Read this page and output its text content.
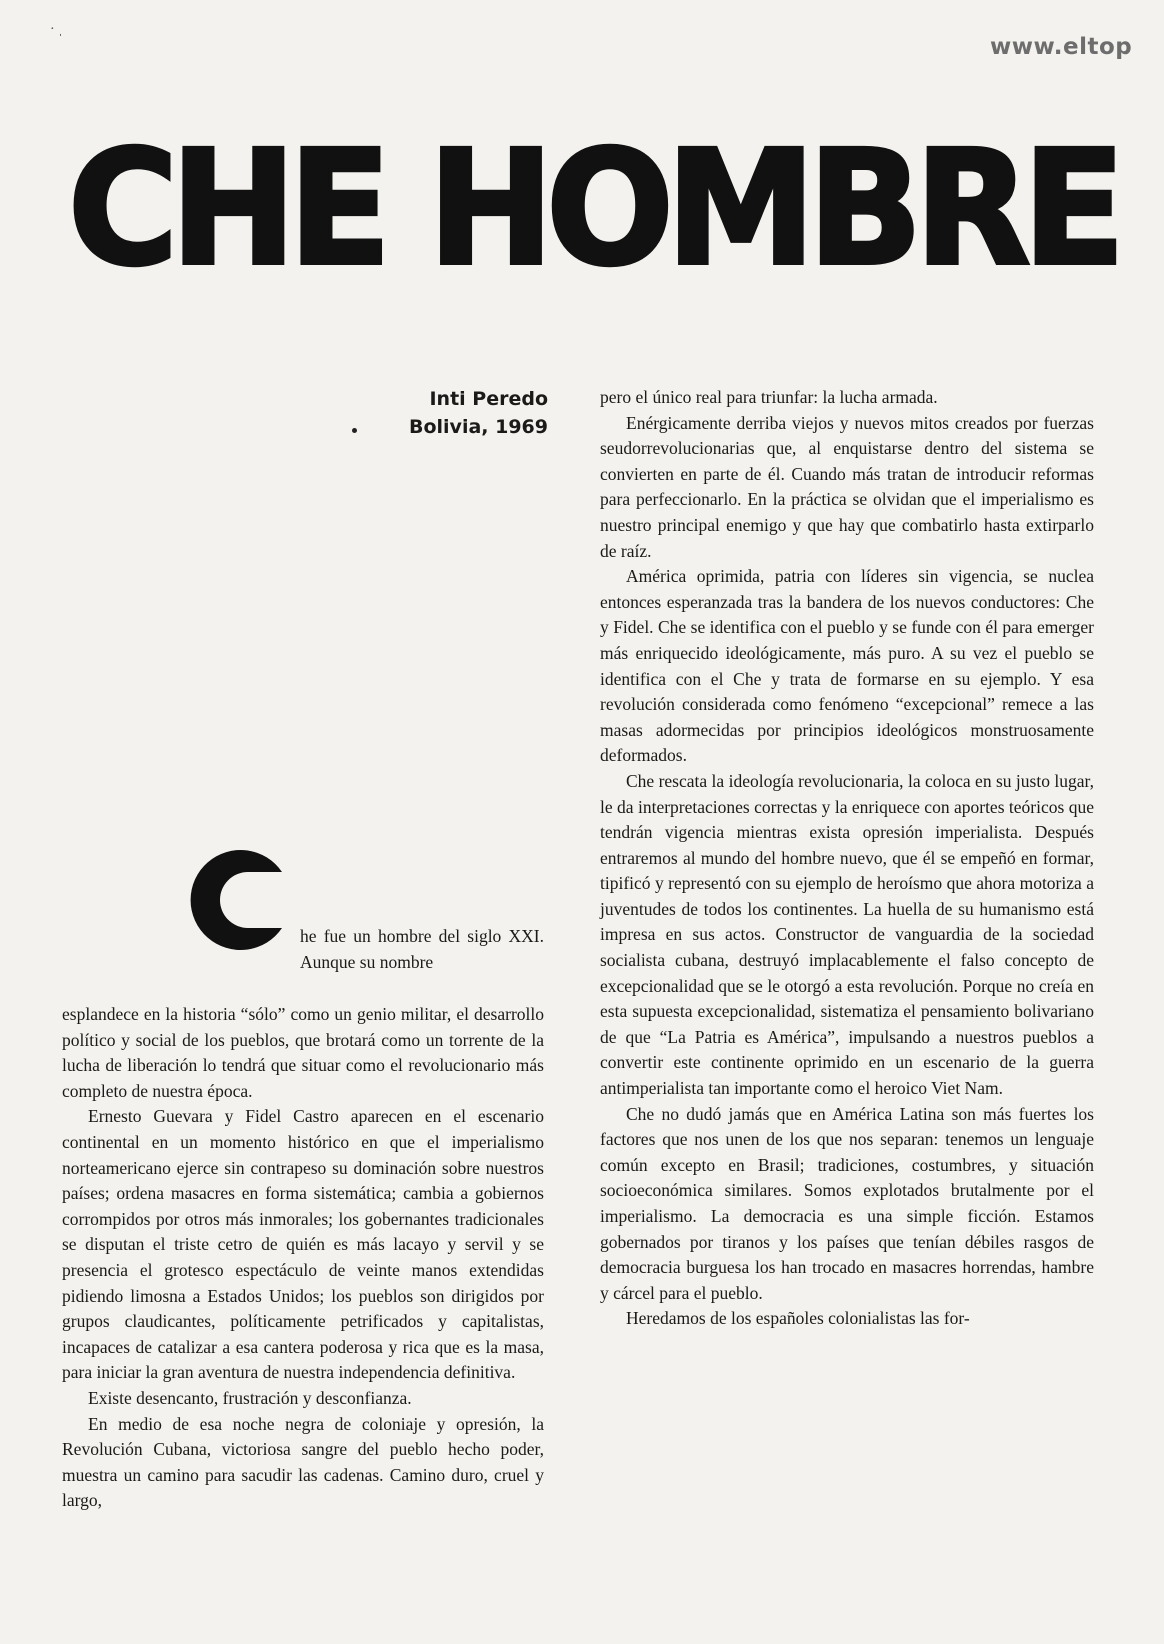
www.eltop
· ˌ
CHE HOMBRE
Inti Peredo
Bolivia, 1969

he fue un hombre del siglo XXI. Aunque su nombre

esplandece en la historia “sólo” como un genio militar, el desarrollo político y social de los pueblos, que brotará como un torrente de la lucha de liberación lo tendrá que situar como el revolucionario más completo de nuestra época.

Ernesto Guevara y Fidel Castro aparecen en el escenario continental en un momento histórico en que el imperialismo norteamericano ejerce sin contrapeso su dominación sobre nuestros países; ordena masacres en forma sistemática; cambia a gobiernos corrompidos por otros más inmorales; los gobernantes tradicionales se disputan el triste cetro de quién es más lacayo y servil y se presencia el grotesco espectáculo de veinte manos extendidas pidiendo limosna a Estados Unidos; los pueblos son dirigidos por grupos claudicantes, políticamente petrificados y capitalistas, incapaces de catalizar a esa cantera poderosa y rica que es la masa, para iniciar la gran aventura de nuestra independencia definitiva.

Existe desencanto, frustración y desconfianza.

En medio de esa noche negra de coloniaje y opresión, la Revolución Cubana, victoriosa sangre del pueblo hecho poder, muestra un camino para sacudir las cadenas. Camino duro, cruel y largo,

pero el único real para triunfar: la lucha armada.

Enérgicamente derriba viejos y nuevos mitos creados por fuerzas seudorrevolucionarias que, al enquistarse dentro del sistema se convierten en parte de él. Cuando más tratan de introducir reformas para perfeccionarlo. En la práctica se olvidan que el imperialismo es nuestro principal enemigo y que hay que combatirlo hasta extirparlo de raíz.

América oprimida, patria con líderes sin vigencia, se nuclea entonces esperanzada tras la bandera de los nuevos conductores: Che y Fidel. Che se identifica con el pueblo y se funde con él para emerger más enriquecido ideológicamente, más puro. A su vez el pueblo se identifica con el Che y trata de formarse en su ejemplo. Y esa revolución considerada como fenómeno “excepcional” remece a las masas adormecidas por principios ideológicos monstruosamente deformados.

Che rescata la ideología revolucionaria, la coloca en su justo lugar, le da interpretaciones correctas y la enriquece con aportes teóricos que tendrán vigencia mientras exista opresión imperialista. Después entraremos al mundo del hombre nuevo, que él se empeñó en formar, tipificó y representó con su ejemplo de heroísmo que ahora motoriza a juventudes de todos los continentes. La huella de su humanismo está impresa en sus actos. Constructor de vanguardia de la sociedad socialista cubana, destruyó implacablemente el falso concepto de excepcionalidad que se le otorgó a esta revolución. Porque no creía en esta supuesta excepcionalidad, sistematiza el pensamiento bolivariano de que “La Patria es América”, impulsando a nuestros pueblos a convertir este continente oprimido en un escenario de la guerra antimperialista tan importante como el heroico Viet Nam.

Che no dudó jamás que en América Latina son más fuertes los factores que nos unen de los que nos separan: tenemos un lenguaje común excepto en Brasil; tradiciones, costumbres, y situación socioeconómica similares. Somos explotados brutalmente por el imperialismo. La democracia es una simple ficción. Estamos gobernados por tiranos y los países que tenían débiles rasgos de democracia burguesa los han trocado en masacres horrendas, hambre y cárcel para el pueblo.

Heredamos de los españoles colonialistas las for-
